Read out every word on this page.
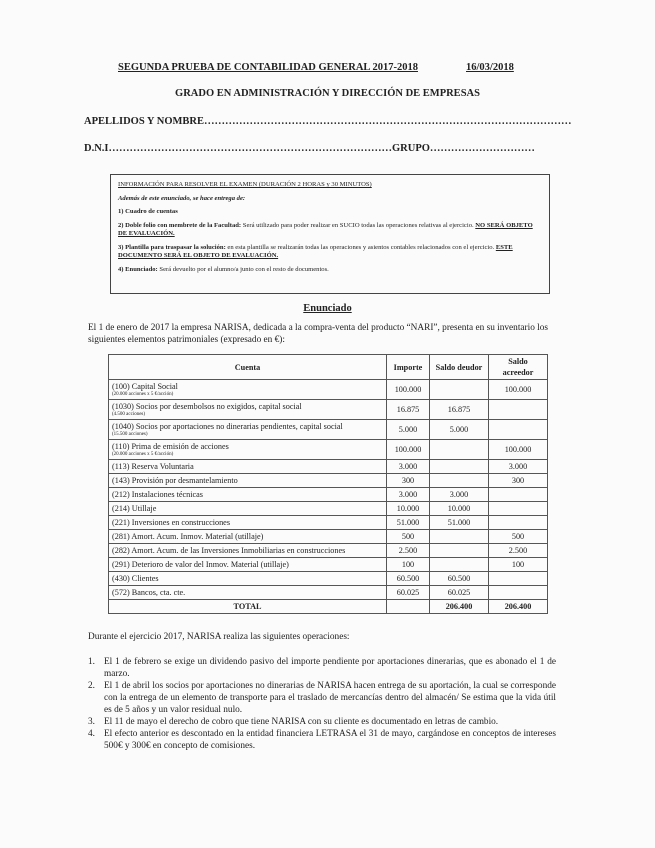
SEGUNDA PRUEBA DE CONTABILIDAD GENERAL 2017-2018	16/03/2018
GRADO EN ADMINISTRACIÓN Y DIRECCIÓN DE EMPRESAS
APELLIDOS Y NOMBRE……………………………………………………………………………………………
D.N.I………………………………………………………………………GRUPO…………………………

INFORMACIÓN PARA RESOLVER EL EXAMEN (DURACIÓN 2 HORAS y 30 MINUTOS)

Además de este enunciado, se hace entrega de:

1) Cuadro de cuentas

2) Doble folio con membrete de la Facultad: Será utilizado para poder realizar en SUCIO todas las operaciones relativas al ejercicio. NO SERÁ OBJETO DE EVALUACIÓN.

3) Plantilla para traspasar la solución: en esta plantilla se realizarán todas las operaciones y asientos contables relacionados con el ejercicio. ESTE DOCUMENTO SERÁ EL OBJETO DE EVALUACIÓN.

4) Enunciado: Será devuelto por el alumno/a junto con el resto de documentos.

Enunciado
El 1 de enero de 2017 la empresa NARISA, dedicada a la compra-venta del producto “NARI”, presenta en su inventario los siguientes elementos patrimoniales (expresado en €):
Cuenta	Importe	Saldo deudor	Saldo acreedor
(100) Capital Social
(20.000 acciones x 5 €/acción)	100.000		100.000
(1030) Socios por desembolsos no exigidos, capital social
(4.500 acciones)	16.875	16.875	
(1040) Socios por aportaciones no dinerarias pendientes, capital social
(15.500 acciones)	5.000	5.000	
(110) Prima de emisión de acciones
(20.000 acciones x 5 €/acción)	100.000		100.000
(113) Reserva Voluntaria	3.000		3.000
(143) Provisión por desmantelamiento	300		300
(212) Instalaciones técnicas	3.000	3.000	
(214) Utillaje	10.000	10.000	
(221) Inversiones en construcciones	51.000	51.000	
(281) Amort. Acum. Inmov. Material (utillaje)	500		500
(282) Amort. Acum. de las Inversiones Inmobiliarias en construcciones	2.500		2.500
(291) Deterioro de valor del Inmov. Material (utillaje)	100		100
(430) Clientes	60.500	60.500	
(572) Bancos, cta. cte.	60.025	60.025	
TOTAL		206.400	206.400
Durante el ejercicio 2017, NARISA realiza las siguientes operaciones:
1. El 1 de febrero se exige un dividendo pasivo del importe pendiente por aportaciones dinerarias, que es abonado el 1 de marzo.
2. El 1 de abril los socios por aportaciones no dinerarias de NARISA hacen entrega de su aportación, la cual se corresponde con la entrega de un elemento de transporte para el traslado de mercancías dentro del almacén/ Se estima que la vida útil es de 5 años y un valor residual nulo.
3. El 11 de mayo el derecho de cobro que tiene NARISA con su cliente es documentado en letras de cambio.
4. El efecto anterior es descontado en la entidad financiera LETRASA el 31 de mayo, cargándose en conceptos de intereses 500€ y 300€ en concepto de comisiones.
